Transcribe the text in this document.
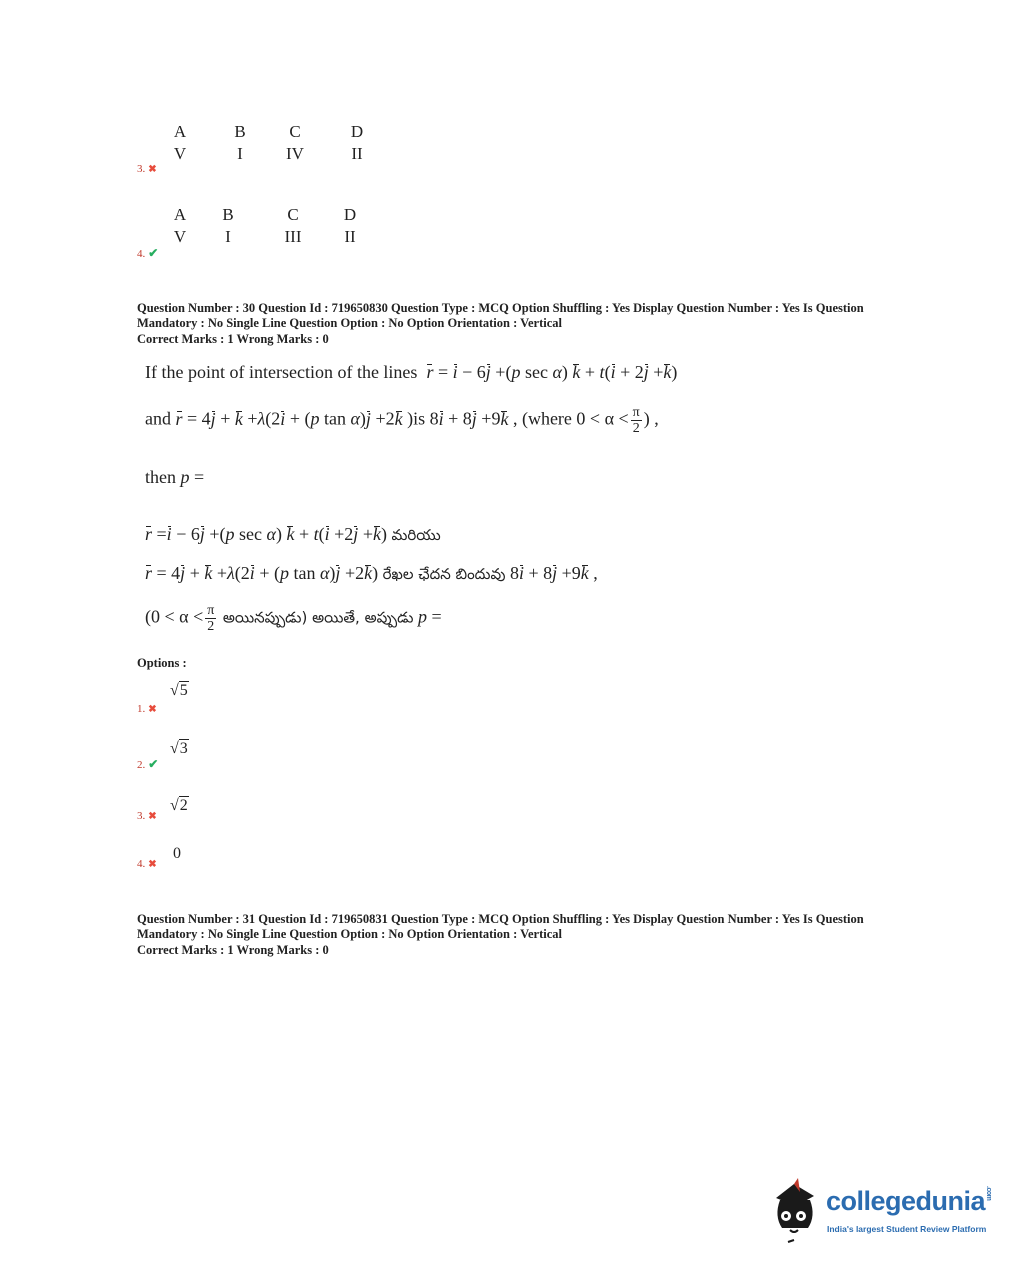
A	B	C	D
V	I	IV	II
3. ✖
A	B	C	D
V	I	III	II
4. ✔
Question Number : 30 Question Id : 719650830 Question Type : MCQ Option Shuffling : Yes Display Question Number : Yes Is Question
Mandatory : No Single Line Question Option : No Option Orientation : Vertical
Correct Marks : 1 Wrong Marks : 0
If the point of intersection of the lines r = i − 6j +(p sec α) k + t(i + 2j +k)
and r = 4j + k +λ(2i + (p tan α)j +2k )is 8i + 8j +9k , (where $0 < \alpha < \frac{\pi}{2}$ ) ,
then p =
r =i − 6j +(p sec α) k + t(i +2j +k) మరియు
r = 4j + k +λ(2i + (p tan α)j +2k) రేఖల ఛేదన బిందువు 8i + 8j +9k ,
($0 < \alpha < \frac{\pi}{2}$ అయినప్పుడు) అయితే, అప్పుడు p =
Options :
1. ✖
√5
2. ✔
√3
3. ✖
√2
4. ✖
0
Question Number : 31 Question Id : 719650831 Question Type : MCQ Option Shuffling : Yes Display Question Number : Yes Is Question
Mandatory : No Single Line Question Option : No Option Orientation : Vertical
Correct Marks : 1 Wrong Marks : 0
collegedunia.com
India's largest Student Review Platform
